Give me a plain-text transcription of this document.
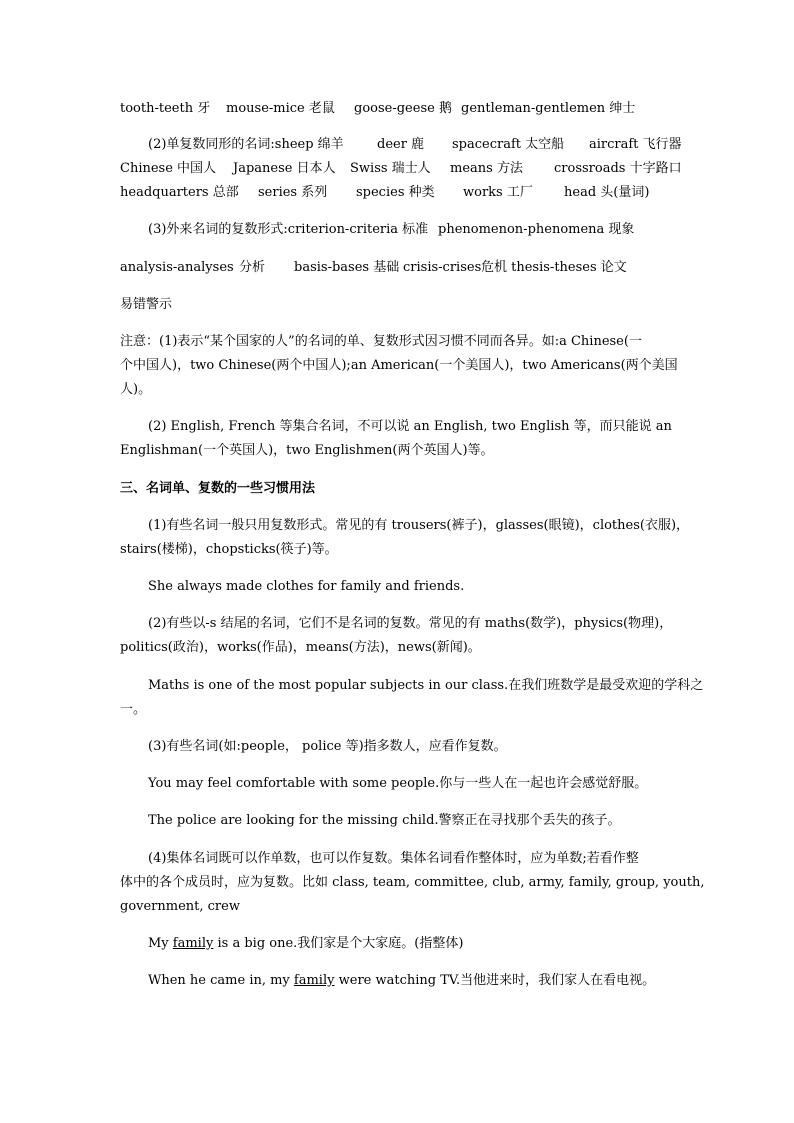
tooth-teeth 牙 mouse-mice 老鼠 goose-geese 鹅 gentleman-gentlemen 绅士
(2)单复数同形的名词:sheep 绵羊	deer 鹿 spacecraft 太空船 aircraft 飞行器
Chinese 中国人 Japanese 日本人 Swiss 瑞士人 means 方法 crossroads 十字路口
headquarters 总部 series 系列 species 种类 works 工厂 head 头(量词)
(3)外来名词的复数形式:criterion-criteria 标准 phenomenon-phenomena 现象
analysis-analyses 分析 basis-bases 基础 crisis-crises 危机 thesis-theses 论文
易错警示
注意：(1)表示“某个国家的人”的名词的单、复数形式因习惯不同而各异。如:a Chinese(一
个中国人)，two Chinese(两个中国人);an American(一个美国人)，two Americans(两个美国
人)。
(2) English, French 等集合名词，不可以说 an English, two English 等，而只能说 an
Englishman(一个英国人)，two Englishmen(两个英国人)等。
三、名词单、复数的一些习惯用法
(1)有些名词一般只用复数形式。常见的有 trousers(裤子)，glasses(眼镜)，clothes(衣服)，
stairs(楼梯)，chopsticks(筷子)等。
She always made clothes for family and friends.
(2)有些以-s 结尾的名词，它们不是名词的复数。常见的有 maths(数学)，physics(物理)，
politics(政治)，works(作品)，means(方法)，news(新闻)。
Maths is one of the most popular subjects in our class.在我们班数学是最受欢迎的学科之
一。
(3)有些名词(如:people， police 等)指多数人，应看作复数。
You may feel comfortable with some people.你与一些人在一起也许会感觉舒服。
The police are looking for the missing child.警察正在寻找那个丢失的孩子。
(4)集体名词既可以作单数，也可以作复数。集体名词看作整体时，应为单数;若看作整
体中的各个成员时，应为复数。比如 class, team, committee, club, army, family, group, youth,
government, crew
My family is a big one.我们家是个大家庭。(指整体)
When he came in, my family were watching TV.当他进来时，我们家人在看电视。
